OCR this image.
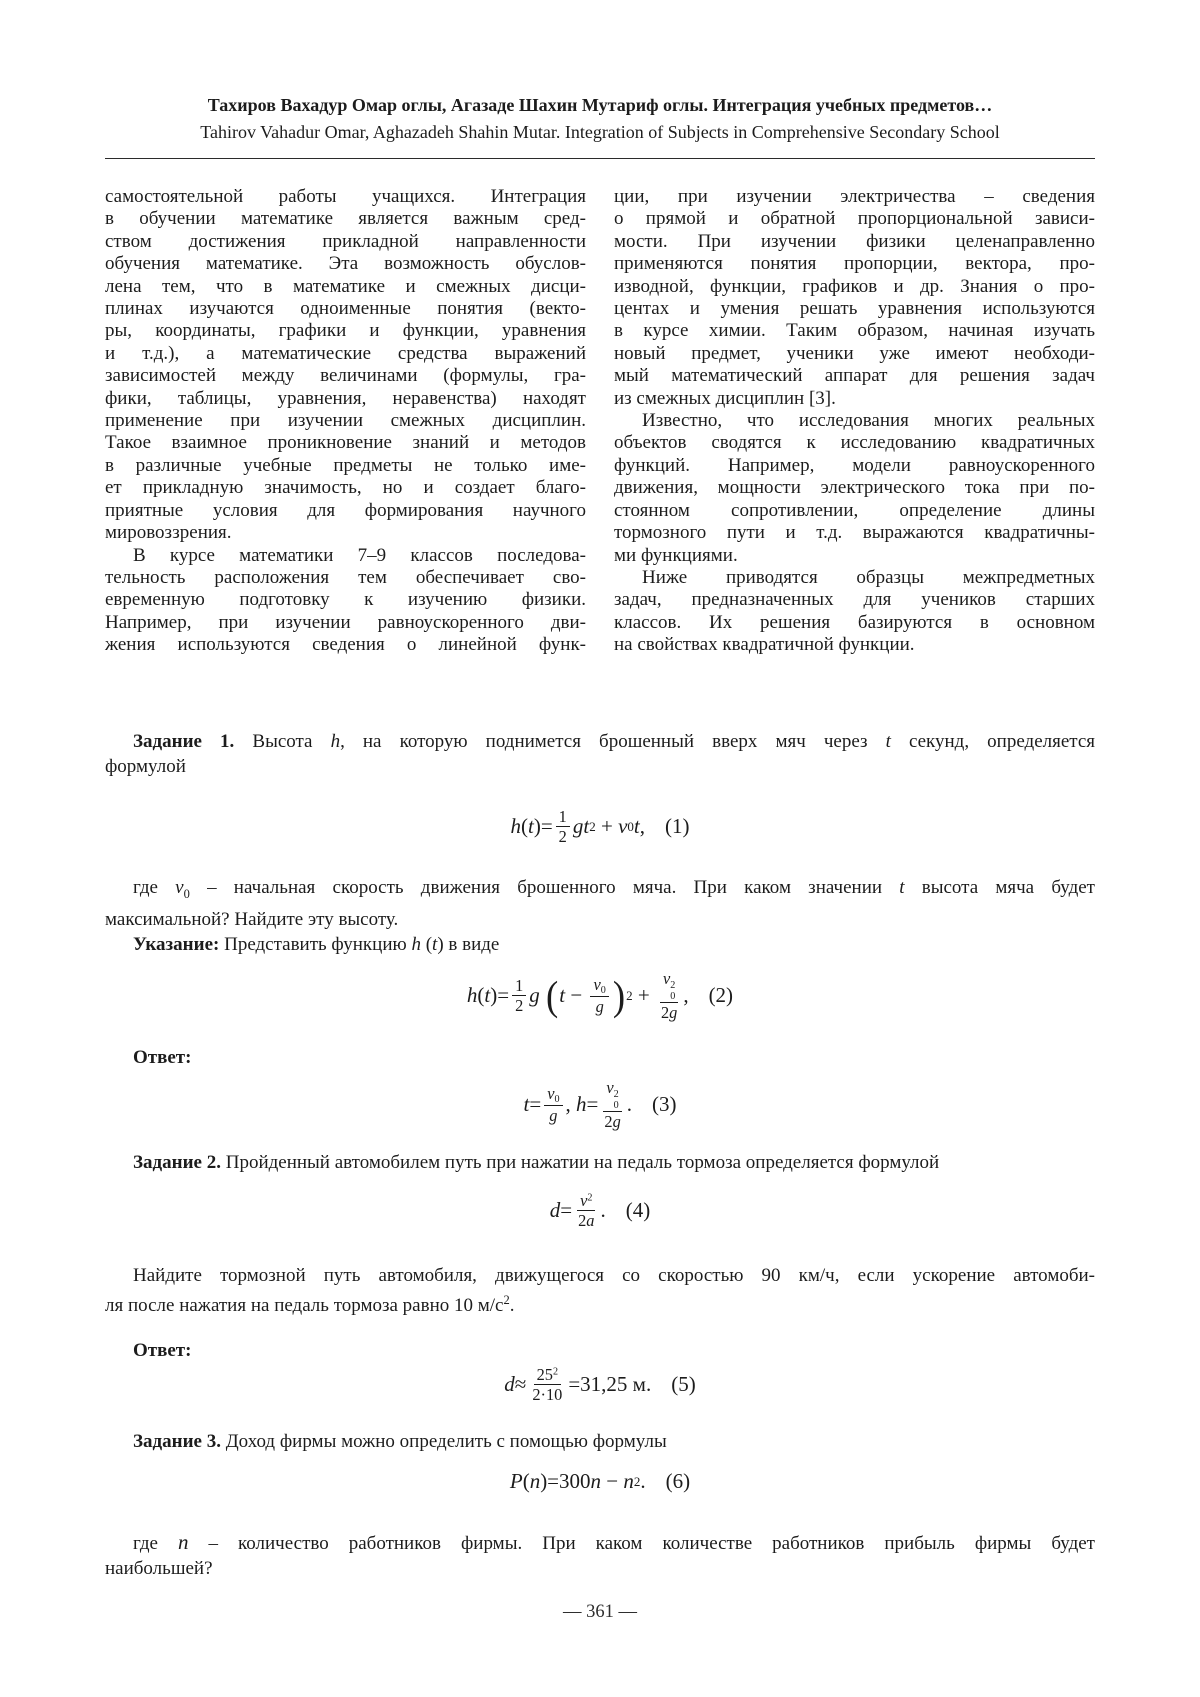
Тахиров Вахадур Омар оглы, Агазаде Шахин Мутариф оглы. Интеграция учебных предметов…
Tahirov Vahadur Omar, Aghazadeh Shahin Mutar. Integration of Subjects in Comprehensive Secondary School
самостоятельной работы учащихся. Интеграция
в обучении математике является важным сред-
ством достижения прикладной направленности
обучения математике. Эта возможность обуслов-
лена тем, что в математике и смежных дисци-
плинах изучаются одноименные понятия (векто-
ры, координаты, графики и функции, уравнения
и т.д.), а математические средства выражений
зависимостей между величинами (формулы, гра-
фики, таблицы, уравнения, неравенства) находят
применение при изучении смежных дисциплин.
Такое взаимное проникновение знаний и методов
в различные учебные предметы не только име-
ет прикладную значимость, но и создает благо-
приятные условия для формирования научного
мировоззрения.
В курсе математики 7–9 классов последова-
тельность расположения тем обеспечивает сво-
евременную подготовку к изучению физики.
Например, при изучении равноускоренного дви-
жения используются сведения о линейной функ-
ции, при изучении электричества – сведения
о прямой и обратной пропорциональной зависи-
мости. При изучении физики целенаправленно
применяются понятия пропорции, вектора, про-
изводной, функции, графиков и др. Знания о про-
центах и умения решать уравнения используются
в курсе химии. Таким образом, начиная изучать
новый предмет, ученики уже имеют необходи-
мый математический аппарат для решения задач
из смежных дисциплин [3].
Известно, что исследования многих реальных
объектов сводятся к исследованию квадратичных
функций. Например, модели равноускоренного
движения, мощности электрического тока при по-
стоянном сопротивлении, определение длины
тормозного пути и т.д. выражаются квадратичны-
ми функциями.
Ниже приводятся образцы межпредметных
задач, предназначенных для учеников старших
классов. Их решения базируются в основном
на свойствах квадратичной функции.
Задание 1. Высота h, на которую поднимется брошенный вверх мяч через t секунд, определяется
формулой
h ( t )= $\frac{1}{2}$ g t 2 + v 0 t , (1)
где $v_0$ – начальная скорость движения брошенного мяча. При каком значении t высота мяча будет
максимальной? Найдите эту высоту.
Указание: Представить функцию h (t) в виде
h ( t )= $\frac{1}{2}$ g
( $t - \frac{v0}{g}$ ) 2 + v 2
0
2g , (2)
Ответ:
$t = \frac{v0}{g}$ , h = v 2
0
2g . (3)
Задание 2. Пройденный автомобилем путь при нажатии на педаль тормоза определяется формулой
$d = \frac{v^2}{2a}$ . (4)
Найдите тормозной путь автомобиля, движущегося со скоростью 90 км/ч, если ускорение автомоби-
ля после нажатия на педаль тормоза равно 10 $м/с^2$.
Ответ:
$d \approx \frac{25^2}{2\cdot 10} =31,25$ м. (5)
Задание 3. Доход фирмы можно определить с помощью формулы
P ( n )=300 n − n 2 . (6)
где n – количество работников фирмы. При каком количестве работников прибыль фирмы будет
наибольшей?
— 361 —
